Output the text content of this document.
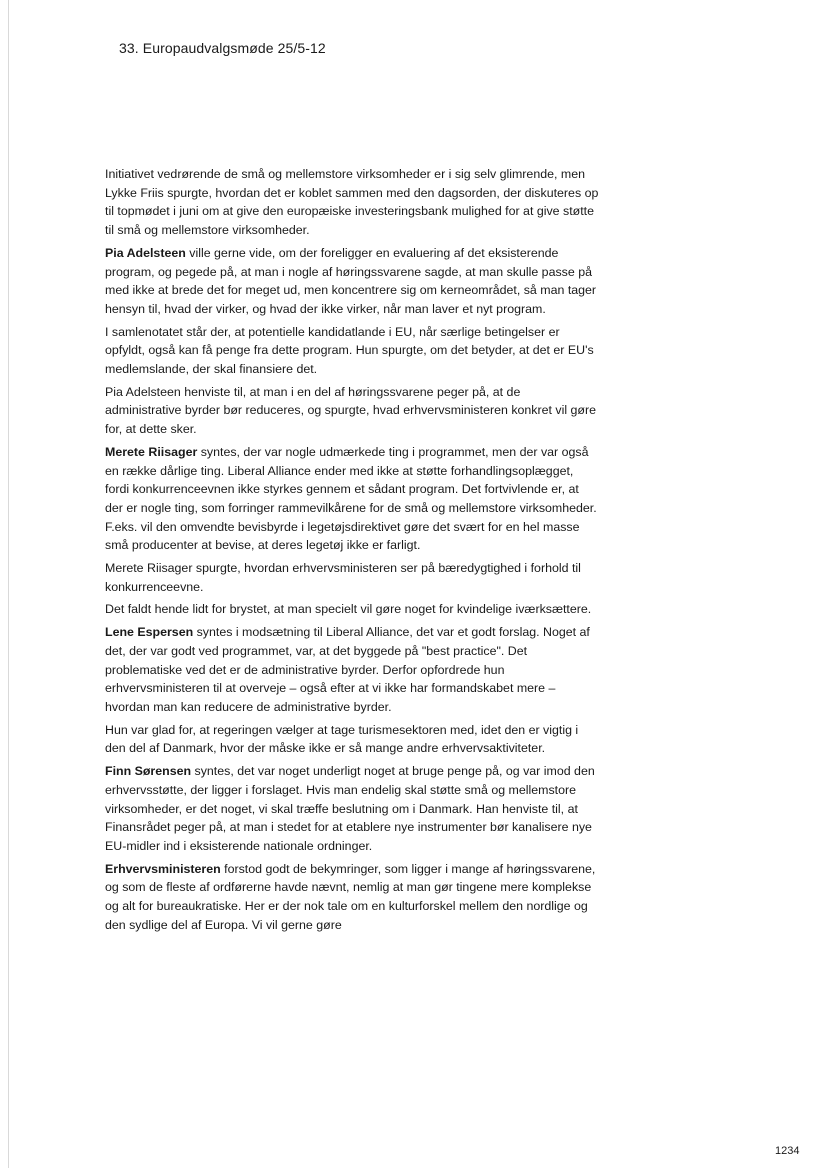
33. Europaudvalgsmøde 25/5-12

Initiativet vedrørende de små og mellemstore virksomheder er i sig selv glimrende, men Lykke Friis spurgte, hvordan det er koblet sammen med den dagsorden, der diskuteres op til topmødet i juni om at give den europæiske investeringsbank mulighed for at give støtte til små og mellemstore virksomheder.

Pia Adelsteen ville gerne vide, om der foreligger en evaluering af det eksisterende program, og pegede på, at man i nogle af høringssvarene sagde, at man skulle passe på med ikke at brede det for meget ud, men koncentrere sig om kerneområdet, så man tager hensyn til, hvad der virker, og hvad der ikke virker, når man laver et nyt program.

I samlenotatet står der, at potentielle kandidatlande i EU, når særlige betingelser er opfyldt, også kan få penge fra dette program. Hun spurgte, om det betyder, at det er EU's medlemslande, der skal finansiere det.

Pia Adelsteen henviste til, at man i en del af høringssvarene peger på, at de administrative byrder bør reduceres, og spurgte, hvad erhvervsministeren konkret vil gøre for, at dette sker.

Merete Riisager syntes, der var nogle udmærkede ting i programmet, men der var også en række dårlige ting. Liberal Alliance ender med ikke at støtte forhandlingsoplægget, fordi konkurrenceevnen ikke styrkes gennem et sådant program. Det fortvivlende er, at der er nogle ting, som forringer rammevilkårene for de små og mellemstore virksomheder. F.eks. vil den omvendte bevisbyrde i legetøjsdirektivet gøre det svært for en hel masse små producenter at bevise, at deres legetøj ikke er farligt.

Merete Riisager spurgte, hvordan erhvervsministeren ser på bæredygtighed i forhold til konkurrenceevne.

Det faldt hende lidt for brystet, at man specielt vil gøre noget for kvindelige iværksættere.

Lene Espersen syntes i modsætning til Liberal Alliance, det var et godt forslag. Noget af det, der var godt ved programmet, var, at det byggede på "best practice". Det problematiske ved det er de administrative byrder. Derfor opfordrede hun erhvervsministeren til at overveje – også efter at vi ikke har formandskabet mere – hvordan man kan reducere de administrative byrder.

Hun var glad for, at regeringen vælger at tage turismesektoren med, idet den er vigtig i den del af Danmark, hvor der måske ikke er så mange andre erhvervsaktiviteter.

Finn Sørensen syntes, det var noget underligt noget at bruge penge på, og var imod den erhvervsstøtte, der ligger i forslaget. Hvis man endelig skal støtte små og mellemstore virksomheder, er det noget, vi skal træffe beslutning om i Danmark. Han henviste til, at Finansrådet peger på, at man i stedet for at etablere nye instrumenter bør kanalisere nye EU-midler ind i eksisterende nationale ordninger.

Erhvervsministeren forstod godt de bekymringer, som ligger i mange af høringssvarene, og som de fleste af ordførerne havde nævnt, nemlig at man gør tingene mere komplekse og alt for bureaukratiske. Her er der nok tale om en kulturforskel mellem den nordlige og den sydlige del af Europa. Vi vil gerne gøre

1234
